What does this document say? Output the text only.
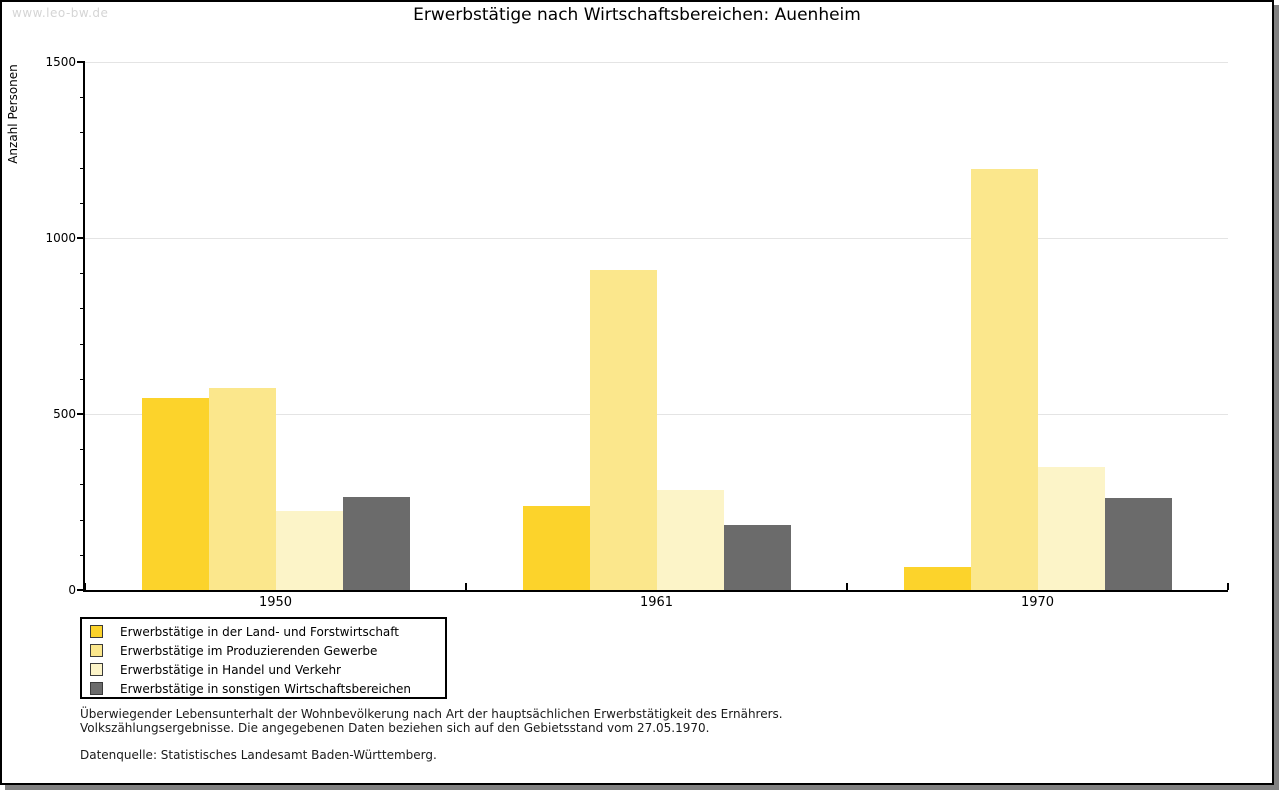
www.leo-bw.de	Erwerbstätige nach Wirtschaftsbereichen: Auenheim
Anzahl Personen
0
500
1000
1500
1950	1961	1970
Erwerbstätige in der Land- und Forstwirtschaft
Erwerbstätige im Produzierenden Gewerbe
Erwerbstätige in Handel und Verkehr
Erwerbstätige in sonstigen Wirtschaftsbereichen
Überwiegender Lebensunterhalt der Wohnbevölkerung nach Art der hauptsächlichen Erwerbstätigkeit des Ernährers.
Volkszählungsergebnisse. Die angegebenen Daten beziehen sich auf den Gebietsstand vom 27.05.1970.
Datenquelle: Statistisches Landesamt Baden-Württemberg.
